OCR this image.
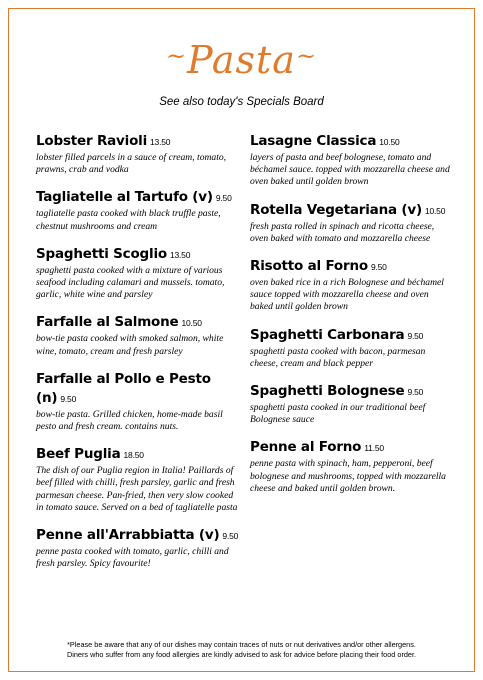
~Pasta~
See also today's Specials Board
Lobster Ravioli 13.50
lobster filled parcels in a sauce of cream, tomato, prawns, crab and vodka
Tagliatelle al Tartufo (v) 9.50
tagliatelle pasta cooked with black truffle paste, chestnut mushrooms and cream
Spaghetti Scoglio 13.50
spaghetti pasta cooked with a mixture of various seafood including calamari and mussels. tomato, garlic, white wine and parsley
Farfalle al Salmone 10.50
bow-tie pasta cooked with smoked salmon, white wine, tomato, cream and fresh parsley
Farfalle al Pollo e Pesto (n) 9.50
bow-tie pasta. Grilled chicken, home-made basil pesto and fresh cream. contains nuts.
Beef Puglia 18.50
The dish of our Puglia region in Italia! Paillards of beef filled with chilli, fresh parsley, garlic and fresh parmesan cheese. Pan-fried, then very slow cooked in tomato sauce. Served on a bed of tagliatelle pasta
Penne all'Arrabbiatta (v) 9.50
penne pasta cooked with tomato, garlic, chilli and fresh parsley. Spicy favourite!
Lasagne Classica 10.50
layers of pasta and beef bolognese, tomato and béchamel sauce. topped with mozzarella cheese and oven baked until golden brown
Rotella Vegetariana (v) 10.50
fresh pasta rolled in spinach and ricotta cheese, oven baked with tomato and mozzarella cheese
Risotto al Forno 9.50
oven baked rice in a rich Bolognese and béchamel sauce topped with mozzarella cheese and oven baked until golden brown
Spaghetti Carbonara 9.50
spaghetti pasta cooked with bacon, parmesan cheese, cream and black pepper
Spaghetti Bolognese 9.50
spaghetti pasta cooked in our traditional beef Bolognese sauce
Penne al Forno 11.50
penne pasta with spinach, ham, pepperoni, beef bolognese and mushrooms, topped with mozzarella cheese and baked until golden brown.
*Please be aware that any of our dishes may contain traces of nuts or nut derivatives and/or other allergens.
Diners who suffer from any food allergies are kindly advised to ask for advice before placing their food order.
